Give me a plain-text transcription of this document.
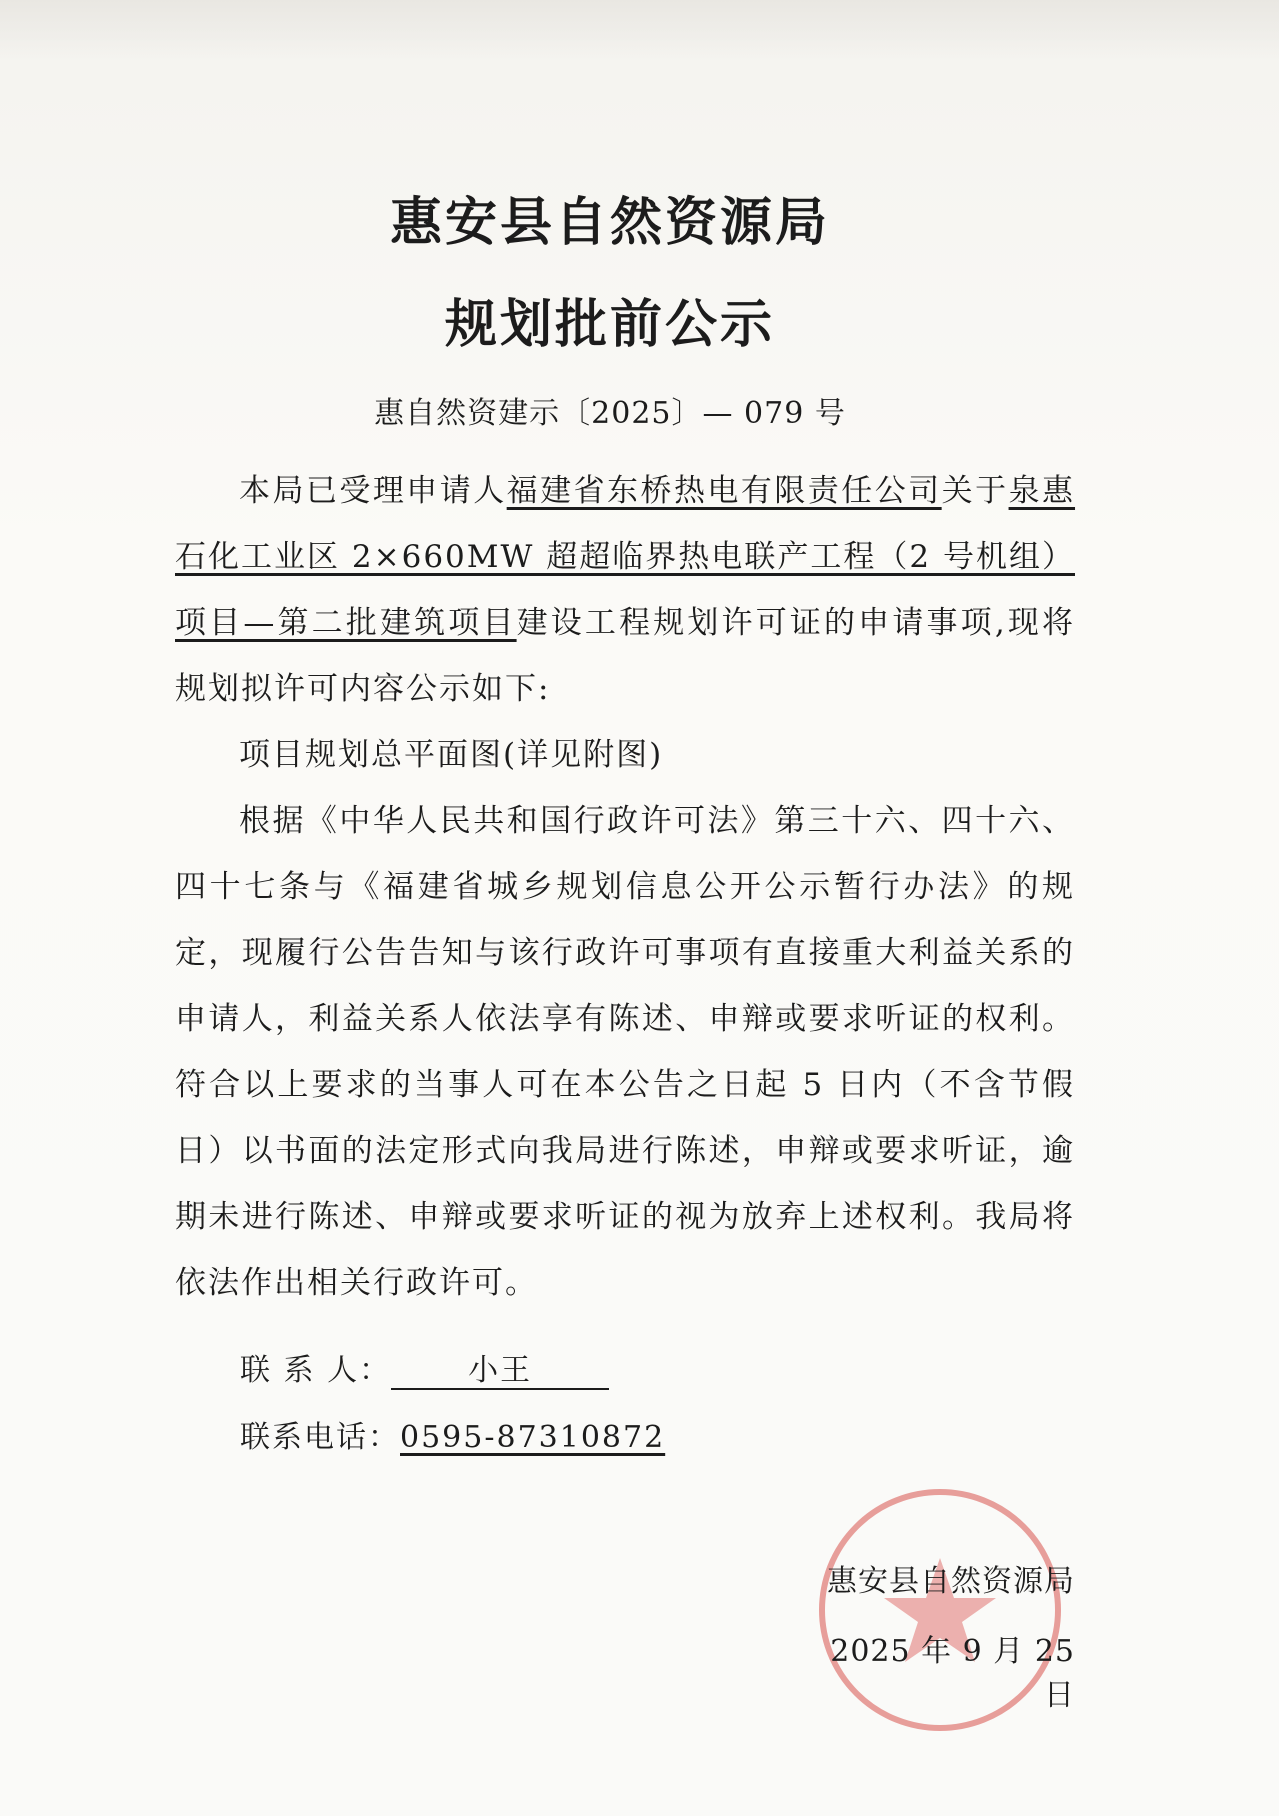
惠安县自然资源局
规划批前公示
惠自然资建示〔2025〕— 079 号

本局已受理申请人福建省东桥热电有限责任公司关于泉惠石化工业区 2×660MW 超超临界热电联产工程（2 号机组）项目—第二批建筑项目建设工程规划许可证的申请事项,现将规划拟许可内容公示如下:

项目规划总平面图(详见附图)

根据《中华人民共和国行政许可法》第三十六、四十六、四十七条与《福建省城乡规划信息公开公示暂行办法》的规定，现履行公告告知与该行政许可事项有直接重大利益关系的申请人，利益关系人依法享有陈述、申辩或要求听证的权利。符合以上要求的当事人可在本公告之日起 5 日内（不含节假日）以书面的法定形式向我局进行陈述，申辩或要求听证，逾期未进行陈述、申辩或要求听证的视为放弃上述权利。我局将依法作出相关行政许可。

联 系 人：	小王
联系电话：0595-87310872
惠安县自然资源局
2025 年 9 月 25 日
